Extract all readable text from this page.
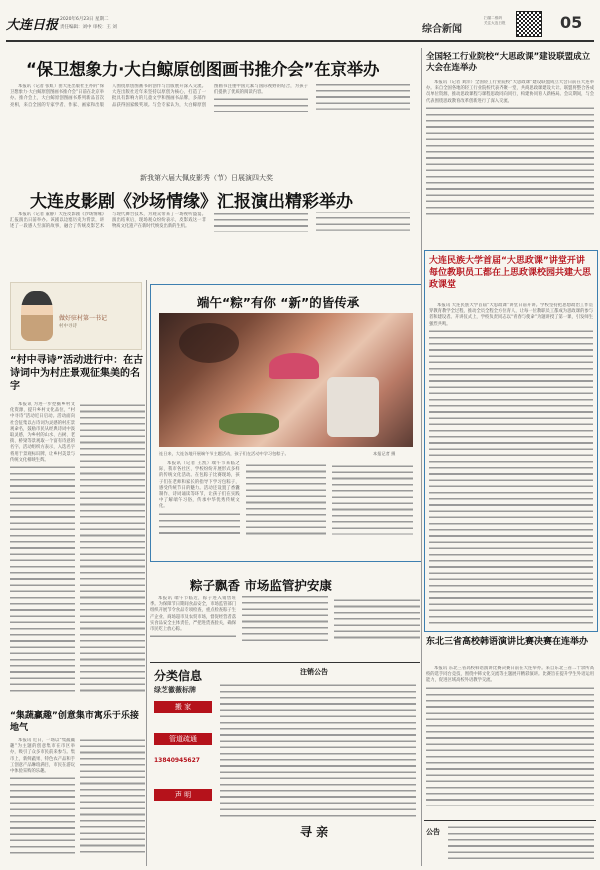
大连日报 2020年6月23日 星期二
责任编辑：刘中 审校：王 刘
扫描二维码
关注大连日报
综合新闻	05
“保卫想象力·大白鲸原创图画书推介会”在京举办

本报讯（记者 张虹）由大连出版社主办的“保卫想象力·大白鲸原创图画书推介会”日前在北京举办。推介会上，大白鲸原创图画书系列新品首次亮相，来自全国的专家学者、作家、画家和出版人围绕原创图画书的创作与出版展开深入交流。大连出版社近年来坚持以原创为核心，打造了一批具有影响力的儿童文学和图画书品牌，多部作品获得国家级奖项。与会专家认为，大白鲸原创图画书注重中国元素与国际视野的结合，为孩子们提供了优质的阅读内容。

新我第六届大佩皮影秀（节）日展演四大奖
大连皮影剧《沙场情缘》汇报演出精彩举办

本报讯（记者 董静）大连皮影剧《沙场情缘》汇报演出日前举办。该剧以边塞历史为背景，讲述了一段感人至深的故事，融合了传统皮影艺术与现代舞台技术，为观众带来了一场视听盛宴。演出结束后，现场观众纷纷表示，皮影戏这一非物质文化遗产在新时代焕发出新的生机。

做好驻村第一书记
村中寻诗
“村中寻诗”活动进行中：在古诗词中为村庄景观征集美的名字

本报讯 为进一步挖掘乡村文化资源，提升乡村文化品位，“村中寻诗”活动近日启动。活动面向社会征集以古诗词为灵感的村庄景观命名，鼓励市民从经典诗词中汲取灵感，为乡村的山水、古树、老街、桥梁等景观取一个富有诗意的名字。活动组织方表示，入选名字将用于景观标识牌，让乡村美景与传统文化相映生辉。

“集蔬赢趣”创意集市寓乐于乐接地气

本报讯 近日，一场以“集蔬赢趣”为主题的创意集市在市区举办，吸引了众多市民前来参与。集市上，新鲜蔬果、特色农产品和手工创意产品琳琅满目，市民在游玩中体验采购的乐趣。

端午“粽”有你 “新”的皆传承
连日来，大连各地开展端午节主题活动，孩子们在活动中学习包粽子。	本报记者 摄

本报讯（记者 王凯）端午节来临之际，我市各社区、学校纷纷开展形式多样的传统文化活动。在包粽子比赛现场，孩子们在老师和家长的指导下学习包粽子，感受传统节日的魅力。活动还设置了香囊制作、诗词诵读等环节，让孩子们在实践中了解端午习俗，传承中华优秀传统文化。

粽子飘香 市场监管护安康

本报讯 端午节临近，粽子进入销售旺季。为保障节日期间食品安全，市场监管部门组织开展节令食品专项检查，重点检查粽子生产企业、商场超市及农贸市场，督促经营者落实食品安全主体责任，严把进货查验关，确保市民吃上放心粽。

分类信息
绿芝徽薇标牌
搬 家
管道疏通
13840945627
声 明
寻 亲
注销公告
全国轻工行业院校“大思政课”建设联盟成立大会在连举办

本报讯（记者 刘洋）全国轻工行业院校“大思政课”建设联盟成立大会日前在大连举办。来自全国各地的轻工行业院校代表齐聚一堂，共商思政课建设大计。联盟将整合各成员单位资源，推动思政课程与课程思政同向同行，构建协同育人新格局。会议期间，与会代表围绕思政教育改革创新进行了深入交流。

大连民族大学首届“大思政课”讲堂开讲 每位教职员工都在上思政课校园共建大思政课堂

本报讯 大连民族大学首届“大思政课”讲堂日前开讲。学校坚持把思想政治工作贯穿教育教学全过程，推动全员全程全方位育人，让每一位教职员工都成为思政课的参与者和建设者。开讲仪式上，学校负责同志以“青春与使命”为题讲授了第一课，引发师生强烈共鸣。

东北三省高校韩语演讲比赛决赛在连举办

本报讯 东北三省高校韩语演讲比赛决赛日前在大连举办。来自东北三省二十余所高校的选手同台竞技，围绕中韩文化交流等主题展开精彩演讲。比赛旨在提升学生外语运用能力，促进区域高校外语教学交流。

公告
